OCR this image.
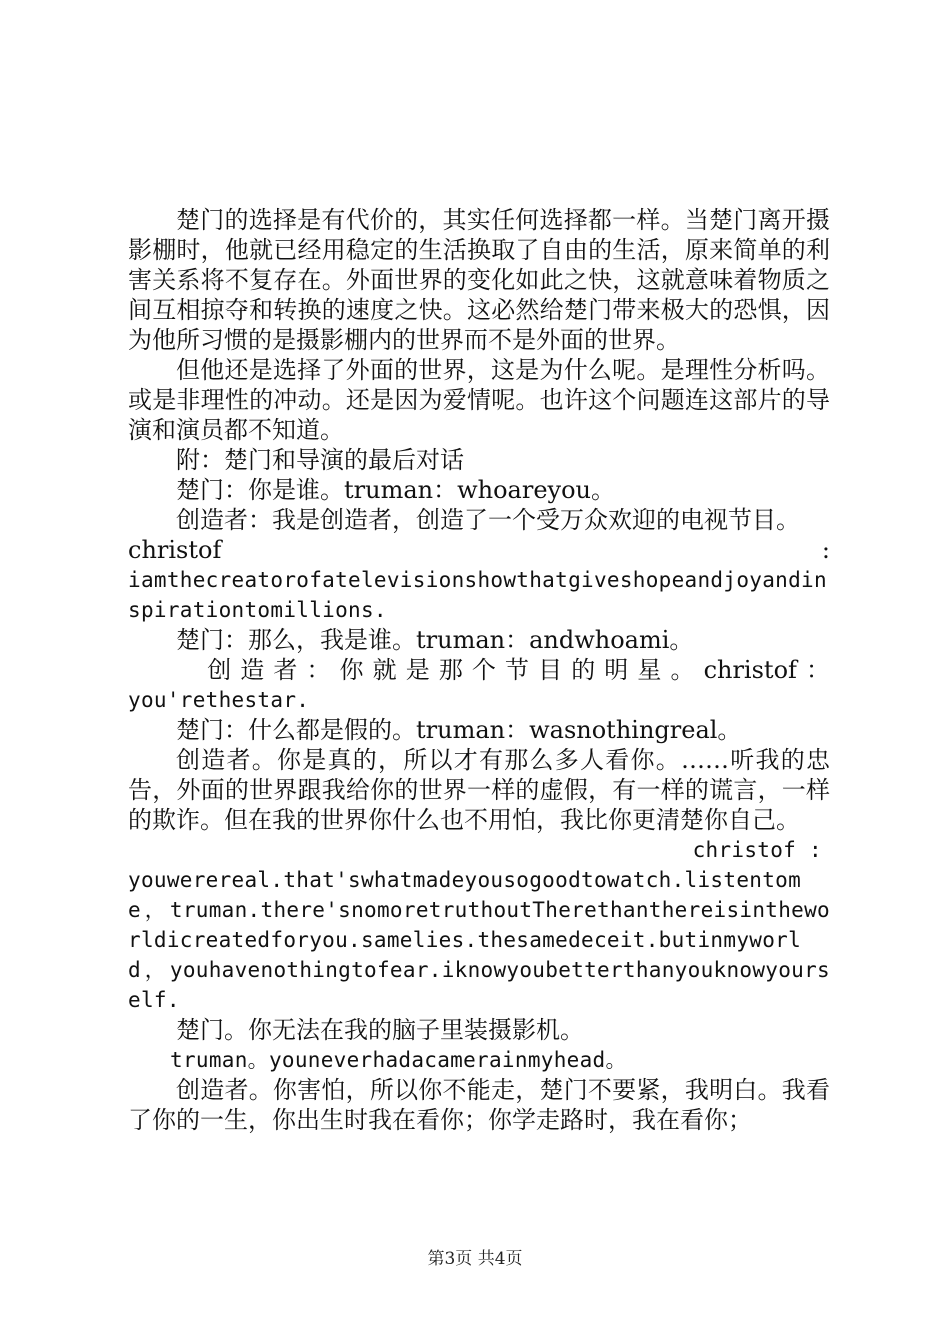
楚门的选择是有代价的，其实任何选择都一样。当楚门离开摄影棚时，他就已经用稳定的生活换取了自由的生活，原来简单的利害关系将不复存在。外面世界的变化如此之快，这就意味着物质之间互相掠夺和转换的速度之快。这必然给楚门带来极大的恐惧，因为他所习惯的是摄影棚内的世界而不是外面的世界。

但他还是选择了外面的世界，这是为什么呢。是理性分析吗。或是非理性的冲动。还是因为爱情呢。也许这个问题连这部片的导演和演员都不知道。

附：楚门和导演的最后对话

楚门：你是谁。truman：whoareyou。

创造者：我是创造者，创造了一个受万众欢迎的电视节目。

christof :

iamthecreatorofatelevisionshowthatgiveshopeandjoyandinspirationtomillions.

楚门：那么，我是谁。truman：andwhoami。

创造者：你就是那个节目的明星。christof：

you'rethestar.

楚门：什么都是假的。truman：wasnothingreal。

创造者。你是真的，所以才有那么多人看你。……听我的忠告，外面的世界跟我给你的世界一样的虚假，有一样的谎言，一样的欺诈。但在我的世界你什么也不用怕，我比你更清楚你自己。

christof :

youwerereal.that'swhatmadeyousogoodtowatch.listentome，truman.there'snomoretruthoutTherethanthereisintheworldicreatedforyou.samelies.thesamedeceit.butinmyworld，youhavenothingtofear.iknowyoubetterthanyouknowyourself.

楚门。你无法在我的脑子里装摄影机。

truman。youneverhadacamerainmyhead。

创造者。你害怕，所以你不能走，楚门不要紧，我明白。我看了你的一生，你出生时我在看你；你学走路时，我在看你；

第3页 共4页
